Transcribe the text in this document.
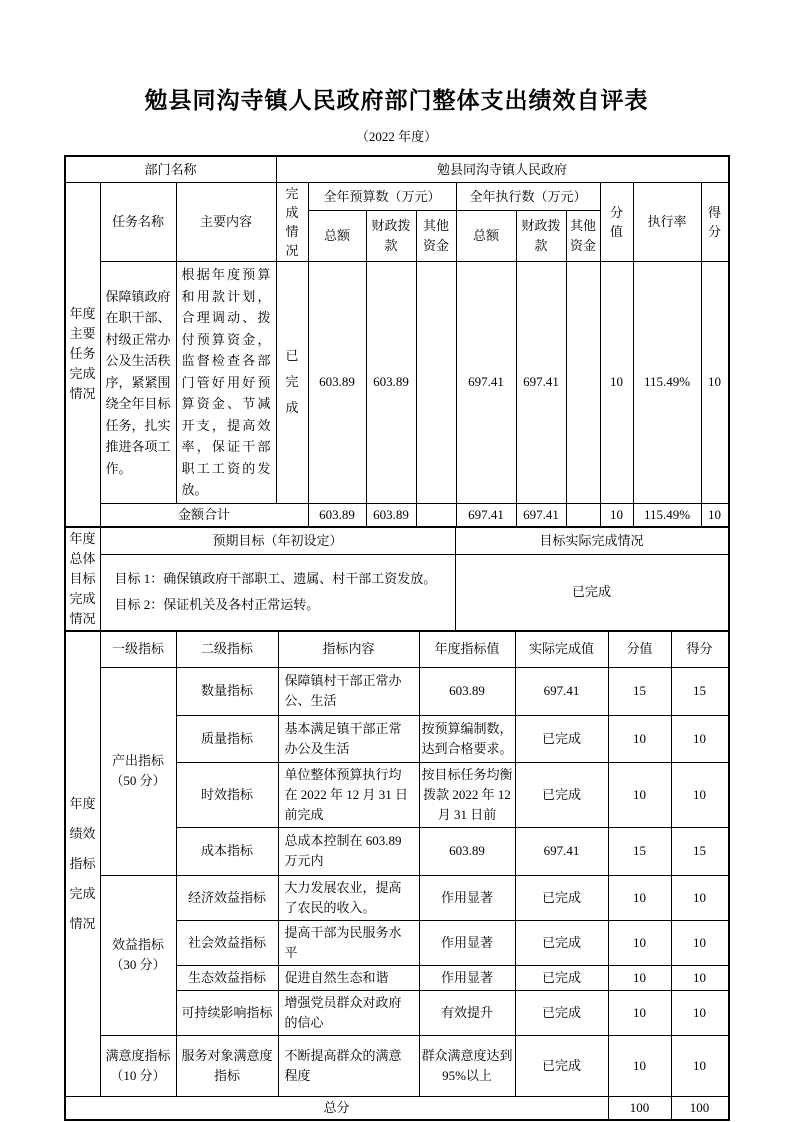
勉县同沟寺镇人民政府部门整体支出绩效自评表
（2022 年度）
部门名称			勉县同沟寺镇人民政府									

年度主要任务完成情况	任务名称	主要内容	完成情况	全年预算数（万元）			全年执行数（万元）			分值	执行率	得分

				总额	财政拨款	其他资金	总额	财政拨款	其他资金			
	保障镇政府在职干部、村级正常办公及生活秩序，紧紧围绕全年目标任务，扎实推进各项工作。	根据年度预算和用款计划，合理调动、拨付预算资金，监督检查各部门管好用好预算资金、节减开支，提高效率，保证干部职工工资的发放。	已完成	603.89	603.89		697.41	697.41		10	115.49%	10
	金额合计			603.89	603.89		697.41	697.41		10	115.49%	10
年度总体目标完成情况	预期目标（年初设定）	目标实际完成情况

	目标 1：确保镇政府干部职工、遗属、村干部工资发放。
目标 2：保证机关及各村正常运转。	已完成
年度绩效指标完成情况	一级指标	二级指标	指标内容	年度指标值	实际完成值	分值	得分
	产出指标（50 分）	数量指标	保障镇村干部正常办公、生活	603.89	697.41	15	15
		质量指标	基本满足镇干部正常办公及生活	按预算编制数，达到合格要求。	已完成	10	10
		时效指标	单位整体预算执行均在 2022 年 12 月 31 日前完成	按目标任务均衡拨款 2022 年 12 月 31 日前	已完成	10	10
		成本指标	总成本控制在 603.89 万元内	603.89	697.41	15	15
	效益指标（30 分）	经济效益指标	大力发展农业，提高了农民的收入。	作用显著	已完成	10	10
		社会效益指标	提高干部为民服务水平	作用显著	已完成	10	10
		生态效益指标	促进自然生态和谐	作用显著	已完成	10	10
		可持续影响指标	增强党员群众对政府的信心	有效提升	已完成	10	10
	满意度指标（10 分）	服务对象满意度指标	不断提高群众的满意程度	群众满意度达到 95%以上	已完成	10	10
总分						100	100
